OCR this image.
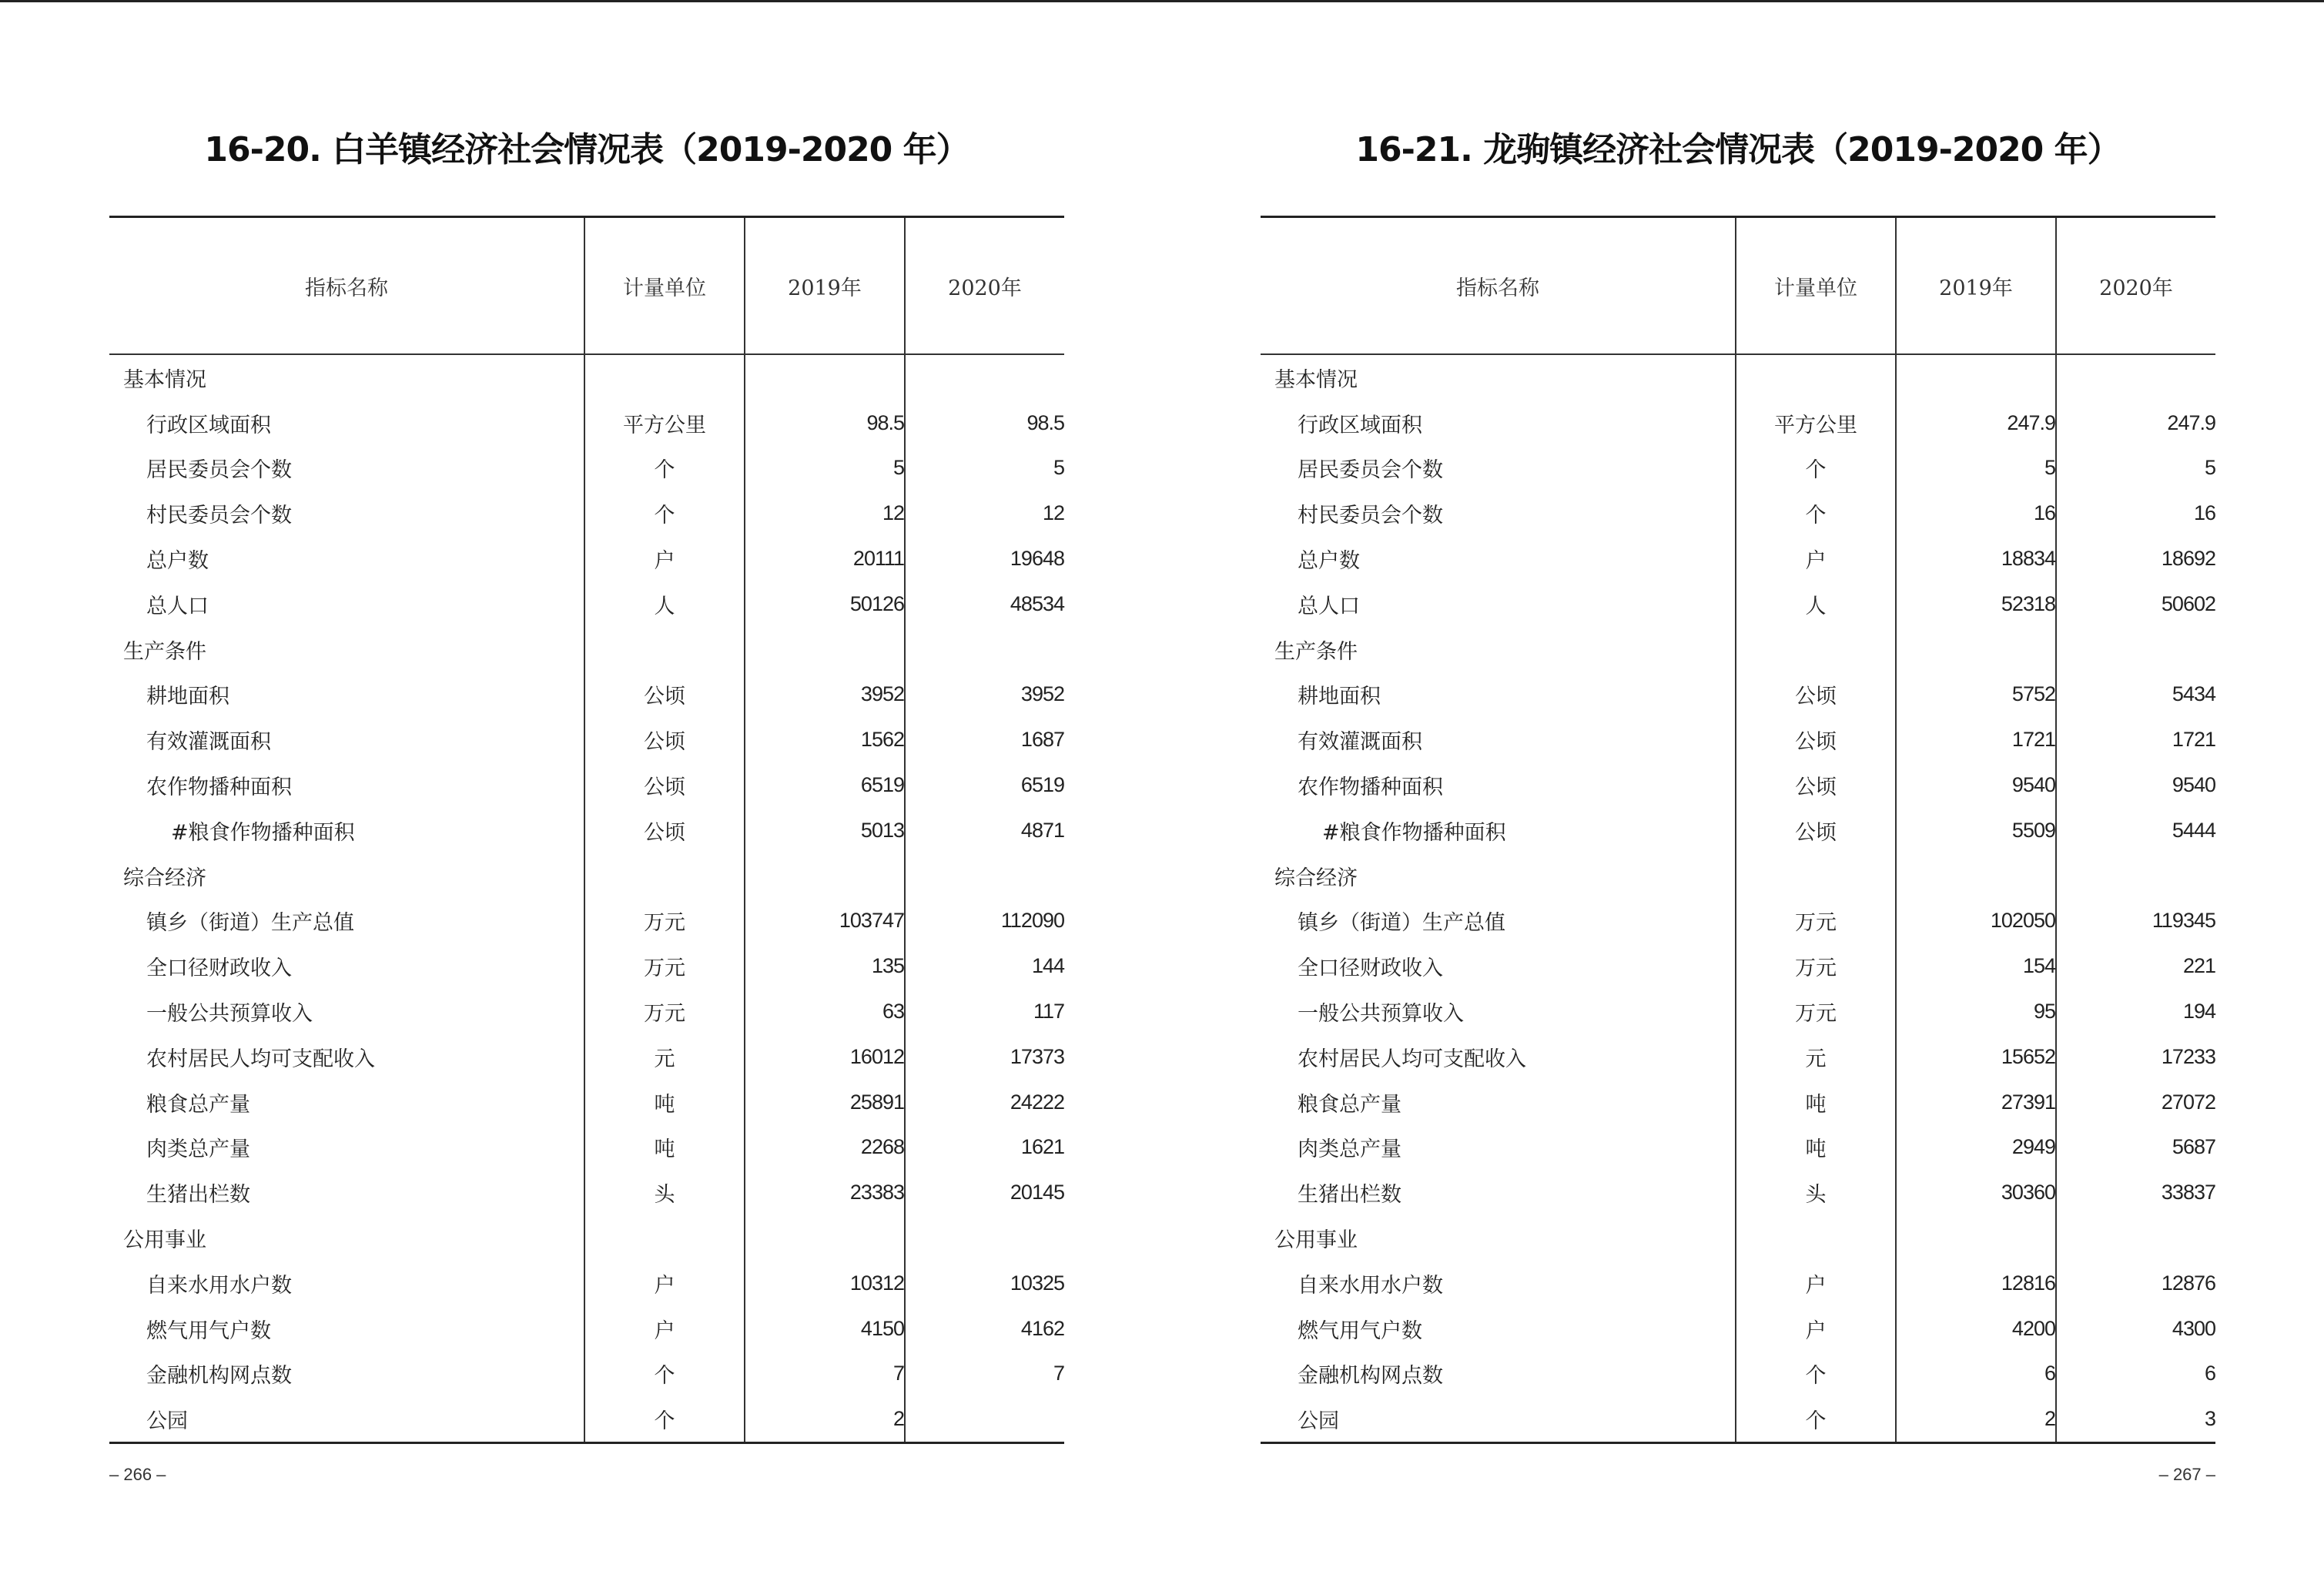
16-20. 白羊镇经济社会情况表（2019-2020 年）
指标名称	计量单位	2019年	2020年
基本情况			
行政区域面积	平方公里	98.5	98.5
居民委员会个数	个	5	5
村民委员会个数	个	12	12
总户数	户	20111	19648
总人口	人	50126	48534
生产条件			
耕地面积	公顷	3952	3952
有效灌溉面积	公顷	1562	1687
农作物播种面积	公顷	6519	6519
#粮食作物播种面积	公顷	5013	4871
综合经济			
镇乡（街道）生产总值	万元	103747	112090
全口径财政收入	万元	135	144
一般公共预算收入	万元	63	117
农村居民人均可支配收入	元	16012	17373
粮食总产量	吨	25891	24222
肉类总产量	吨	2268	1621
生猪出栏数	头	23383	20145
公用事业			
自来水用水户数	户	10312	10325
燃气用气户数	户	4150	4162
金融机构网点数	个	7	7
公园	个	2	
– 266 –
16-21. 龙驹镇经济社会情况表（2019-2020 年）
指标名称	计量单位	2019年	2020年
基本情况			
行政区域面积	平方公里	247.9	247.9
居民委员会个数	个	5	5
村民委员会个数	个	16	16
总户数	户	18834	18692
总人口	人	52318	50602
生产条件			
耕地面积	公顷	5752	5434
有效灌溉面积	公顷	1721	1721
农作物播种面积	公顷	9540	9540
#粮食作物播种面积	公顷	5509	5444
综合经济			
镇乡（街道）生产总值	万元	102050	119345
全口径财政收入	万元	154	221
一般公共预算收入	万元	95	194
农村居民人均可支配收入	元	15652	17233
粮食总产量	吨	27391	27072
肉类总产量	吨	2949	5687
生猪出栏数	头	30360	33837
公用事业			
自来水用水户数	户	12816	12876
燃气用气户数	户	4200	4300
金融机构网点数	个	6	6
公园	个	2	3
– 267 –
